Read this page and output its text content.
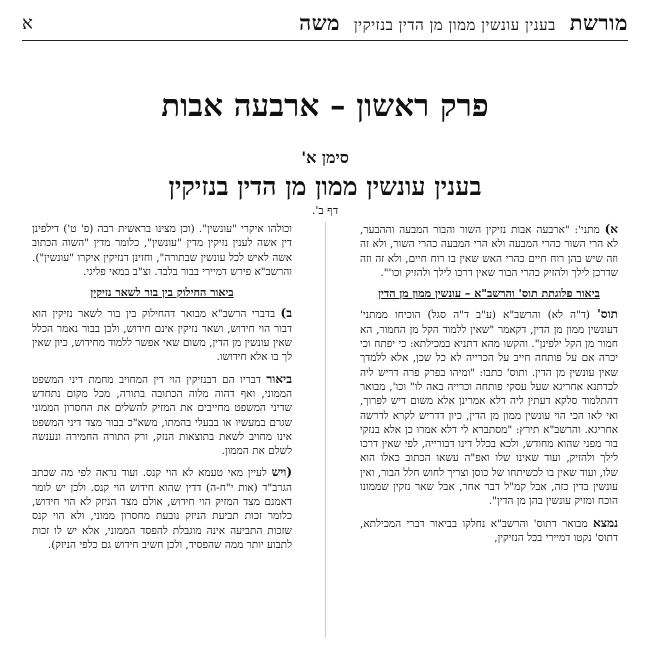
מורשת בענין עונשין ממון מן הדין בנזיקין משה
א
פרק ראשון – ארבעה אבות
סימן א'
בענין עונשין ממון מן הדין בנזיקין
דף ב'.

א) מתני': "ארבעה אבות נזיקין השור והבור המבעה וההבער, לא הרי השור כהרי המבעה ולא הרי המבעה כהרי השור, ולא זה וזה שיש בהן רוח חיים כהרי האש שאין בו רוח חיים, ולא זה וזה שדרכן לילך ולהזיק כהרי הבור שאין דרכו לילך ולהזיק וכו'".

ביאור פלוגתת תוס' והרשב"א – עונשין ממון מן הדין

תוס' (ד"ה לא) והרשב"א (ע"ב ד"ה סגל) הוכיחו ממתני' דעונשין ממון מן הדין, דקאמר "שאין ללמוד הקל מן החמור, הא חמור מן הקל ילפינן". והקשו מהא דתניא במכילתא: כי יפתח וכי יכרה אם על פותחה חייב על הכרייה לא כל שכן, אלא ללמדך שאין עונשין מן הדין. ותוס' כתבו: "ומיהו בפרק פרה דריש ליה לכדתנא אחריגא שעל עסקי פותחה וכרייה באה לו" וכו', מבואר דהתלמוד סלקא דעתין ליה דלא אמרינן אלא משום דיש לפרוך, ואי לאו הכי הוי עונשין ממון מן הדין, כיון דדריש לקרא לדרשה אחריגא. והרשב"א תירץ: "מסתברא לי דלא אמרו כן אלא בנזקי בור מפני שהוא מחודש, ולכא בכלל דינו דבורייה, לפי שאין דרכו לילך ולהזיק, ועוד שאינו שלו ואפ"ה עשאו הכתוב כאלו הוא שלו, ועוד שאין בו לכשיתחו של כוסן וצריך לחוש חלל הבור, ואין עונשין בדין כזה, אבל קמ"ל דבר אחר, אבל שאר נזקין שממונו הוכח ומזיק עונשין בהן מן הדין".

נמצא מבואר דתוס' והרשב"א נחלקו בביאור דברי המכילתא, דתוס' נקטו דמיירי בכל הנזיקין,

וכולהו איקרי "עונשין". (וכן מצינו בראשית רבה (פ' ט') דילפינן דין אשה לענין נזיקין מדין "עונשין", כלומר מדין "השוה הכתוב אשה לאיש לכל עונשין שבתורה", וחזינן דנזיקין איקרו "עונשין"). והרשב"א פירש דמיירי בבור בלבד. וצ"ב במאי פליגי.

ביאור החילוק בין בור לשאר נזיקין

ב) בדברי הרשב"א מבואר דהחילוק בין בור לשאר נזיקין הוא דבור הוי חידוש, ושאר נזיקין אינם חידוש, ולכן בבור נאמר הכלל שאין עונשין מן הדין, משום שאי אפשר ללמוד מחידוש, כיון שאין לך בו אלא חידושו.

ביאור דבריו הם דבנזיקין הוי דין המחויב מחמת דיני המשפט הממוני, ואף דהוה מלוה הכתובה בתורה, מכל מקום נתחדש שדיני המשפט מחייבים את המזיק להשלים את החסרון הממוני שגרם במעשיו או בבעלי בהמתו, משא"כ בבור מצד דיני המשפט אינו מחויב לשאת בתוצאות הנזק, ורק התורה החמירה ונענשה לשלם את הממון.

(ויש לעיין מאי טעמא לא הוי קנס. ועוד נראה לפי מה שכתב הגרב"ד (אות י"ח-ה) דדין שהוא חידוש הוי קנס. ולכן יש לומר דאמנם מצד המזיק הוי חידוש, אולם מצד הניזק לא הוי חידוש, כלומר זכות תביעת הניזק נובעת מחסרון ממוני, ולא הוי קנס שזכות התביעה אינה מוגבלת להפסד הממוני, אלא יש לו זכות לתבוע יותר ממה שהפסיד, ולכן חשיב חידוש גם כלפי הניזק).
